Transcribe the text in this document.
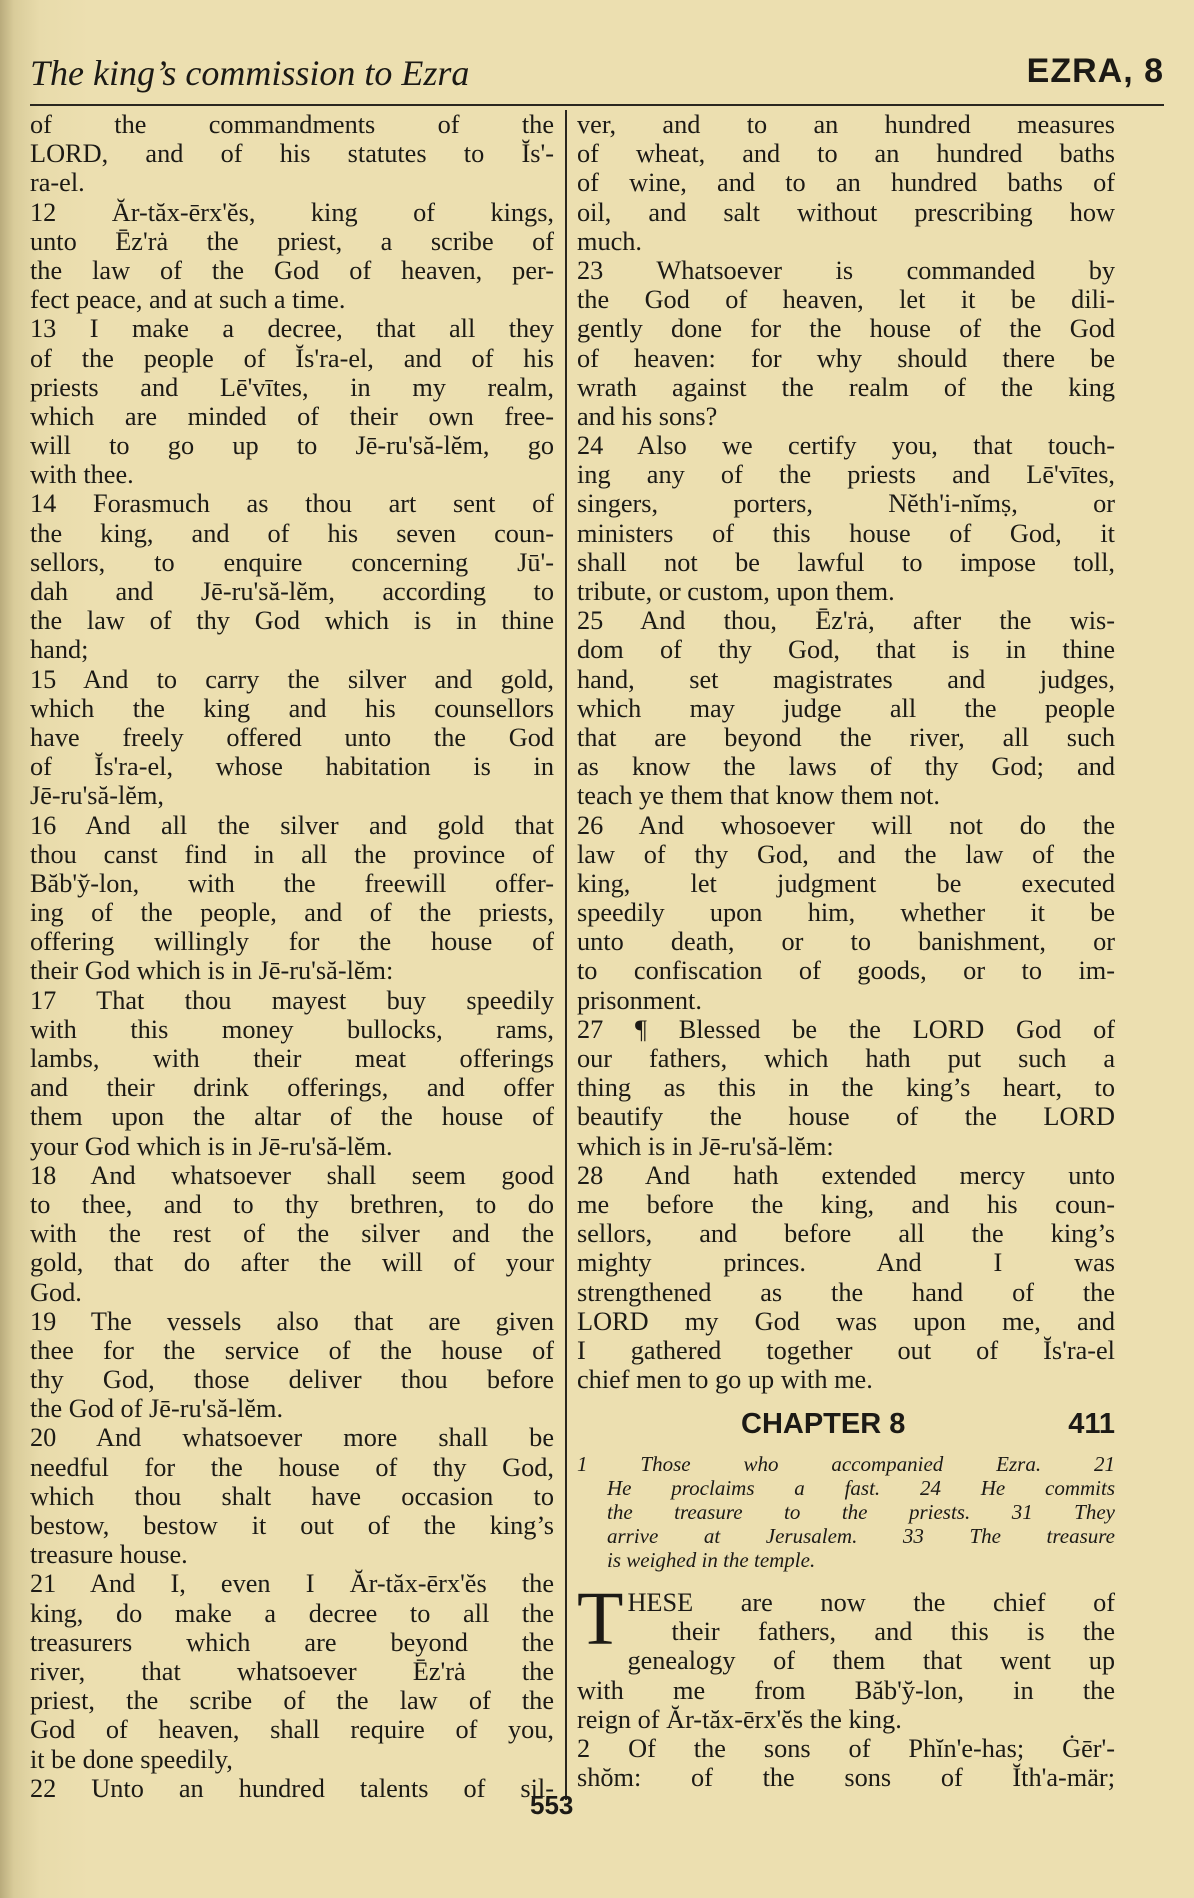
The king’s commission to Ezra	EZRA, 8
of the commandments of the
LORD, and of his statutes to Ĭs'-
ra-el.
12 Ăr-tăx-ērx'ĕs, king of kings,
unto Ēz'rȧ the priest, a scribe of
the law of the God of heaven, per-
fect peace, and at such a time.
13 I make a decree, that all they
of the people of Ĭs'ra-el, and of his
priests and Lē'vītes, in my realm,
which are minded of their own free-
will to go up to Jē-ru'să-lĕm, go
with thee.
14 Forasmuch as thou art sent of
the king, and of his seven coun-
sellors, to enquire concerning Jū'-
dah and Jē-ru'să-lĕm, according to
the law of thy God which is in thine
hand;
15 And to carry the silver and gold,
which the king and his counsellors
have freely offered unto the God
of Ĭs'ra-el, whose habitation is in
Jē-ru'să-lĕm,
16 And all the silver and gold that
thou canst find in all the province of
Băb'y̆-lon, with the freewill offer-
ing of the people, and of the priests,
offering willingly for the house of
their God which is in Jē-ru'să-lĕm:
17 That thou mayest buy speedily
with this money bullocks, rams,
lambs, with their meat offerings
and their drink offerings, and offer
them upon the altar of the house of
your God which is in Jē-ru'să-lĕm.
18 And whatsoever shall seem good
to thee, and to thy brethren, to do
with the rest of the silver and the
gold, that do after the will of your
God.
19 The vessels also that are given
thee for the service of the house of
thy God, those deliver thou before
the God of Jē-ru'să-lĕm.
20 And whatsoever more shall be
needful for the house of thy God,
which thou shalt have occasion to
bestow, bestow it out of the king’s
treasure house.
21 And I, even I Ăr-tăx-ērx'ĕs the
king, do make a decree to all the
treasurers which are beyond the
river, that whatsoever Ēz'rȧ the
priest, the scribe of the law of the
God of heaven, shall require of you,
it be done speedily,
22 Unto an hundred talents of sil-
ver, and to an hundred measures
of wheat, and to an hundred baths
of wine, and to an hundred baths of
oil, and salt without prescribing how
much.
23 Whatsoever is commanded by
the God of heaven, let it be dili-
gently done for the house of the God
of heaven: for why should there be
wrath against the realm of the king
and his sons?
24 Also we certify you, that touch-
ing any of the priests and Lē'vītes,
singers, porters, Nĕth'i-nĭmṣ, or
ministers of this house of God, it
shall not be lawful to impose toll,
tribute, or custom, upon them.
25 And thou, Ēz'rȧ, after the wis-
dom of thy God, that is in thine
hand, set magistrates and judges,
which may judge all the people
that are beyond the river, all such
as know the laws of thy God; and
teach ye them that know them not.
26 And whosoever will not do the
law of thy God, and the law of the
king, let judgment be executed
speedily upon him, whether it be
unto death, or to banishment, or
to confiscation of goods, or to im-
prisonment.
27 ¶ Blessed be the LORD God of
our fathers, which hath put such a
thing as this in the king’s heart, to
beautify the house of the LORD
which is in Jē-ru'să-lĕm:
28 And hath extended mercy unto
me before the king, and his coun-
sellors, and before all the king’s
mighty princes. And I was
strengthened as the hand of the
LORD my God was upon me, and
I gathered together out of Ĭs'ra-el
chief men to go up with me.
CHAPTER 8	411
1 Those who accompanied Ezra. 21
He proclaims a fast. 24 He commits
the treasure to the priests. 31 They
arrive at Jerusalem. 33 The treasure
is weighed in the temple.
T HESE are now the chief of
their fathers, and this is the
genealogy of them that went up
with me from Băb'y̆-lon, in the
reign of Ăr-tăx-ērx'ĕs the king.
2 Of the sons of Phĭn'e-has; Ġēr'-
shŏm: of the sons of Ĭth'a-mär;
553
